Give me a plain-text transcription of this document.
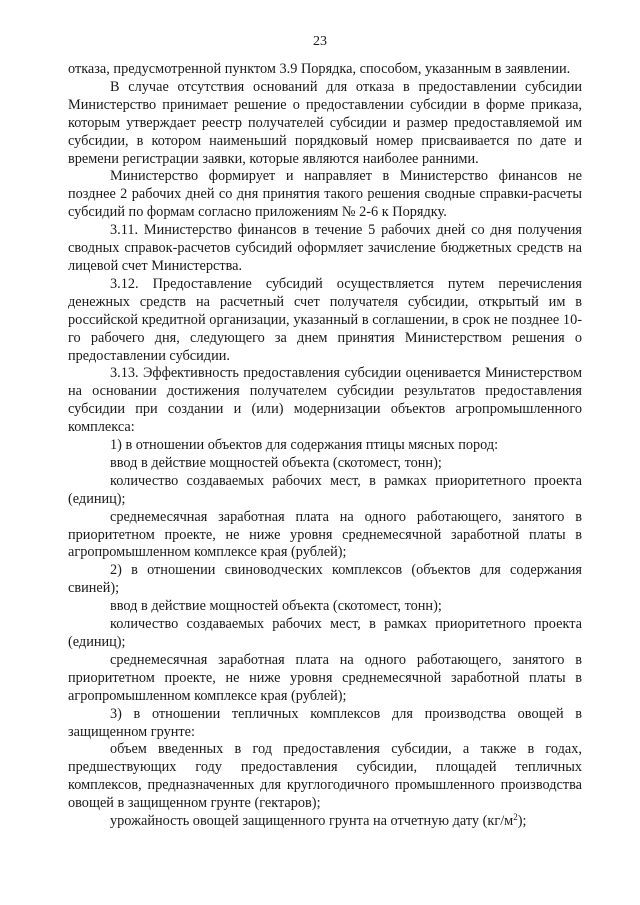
23

отказа, предусмотренной пунктом 3.9 Порядка, способом, указанным в заявлении.

В случае отсутствия оснований для отказа в предоставлении субсидии Министерство принимает решение о предоставлении субсидии в форме приказа, которым утверждает реестр получателей субсидии и размер предоставляемой им субсидии, в котором наименьший порядковый номер присваивается по дате и времени регистрации заявки, которые являются наиболее ранними.

Министерство формирует и направляет в Министерство финансов не позднее 2 рабочих дней со дня принятия такого решения сводные справки-расчеты субсидий по формам согласно приложениям № 2-6 к Порядку.

3.11. Министерство финансов в течение 5 рабочих дней со дня получения сводных справок-расчетов субсидий оформляет зачисление бюджетных средств на лицевой счет Министерства.

3.12. Предоставление субсидий осуществляется путем перечисления денежных средств на расчетный счет получателя субсидии, открытый им в российской кредитной организации, указанный в соглашении, в срок не позднее 10-го рабочего дня, следующего за днем принятия Министерством решения о предоставлении субсидии.

3.13. Эффективность предоставления субсидии оценивается Министерством на основании достижения получателем субсидии результатов предоставления субсидии при создании и (или) модернизации объектов агропромышленного комплекса:

1) в отношении объектов для содержания птицы мясных пород:

ввод в действие мощностей объекта (скотомест, тонн);

количество создаваемых рабочих мест, в рамках приоритетного проекта (единиц);

среднемесячная заработная плата на одного работающего, занятого в приоритетном проекте, не ниже уровня среднемесячной заработной платы в агропромышленном комплексе края (рублей);

2) в отношении свиноводческих комплексов (объектов для содержания свиней);

ввод в действие мощностей объекта (скотомест, тонн);

количество создаваемых рабочих мест, в рамках приоритетного проекта (единиц);

среднемесячная заработная плата на одного работающего, занятого в приоритетном проекте, не ниже уровня среднемесячной заработной платы в агропромышленном комплексе края (рублей);

3) в отношении тепличных комплексов для производства овощей в защищенном грунте:

объем введенных в год предоставления субсидии, а также в годах, предшествующих году предоставления субсидии, площадей тепличных комплексов, предназначенных для круглогодичного промышленного производства овощей в защищенном грунте (гектаров);

урожайность овощей защищенного грунта на отчетную дату $(кг/м^2)$;
